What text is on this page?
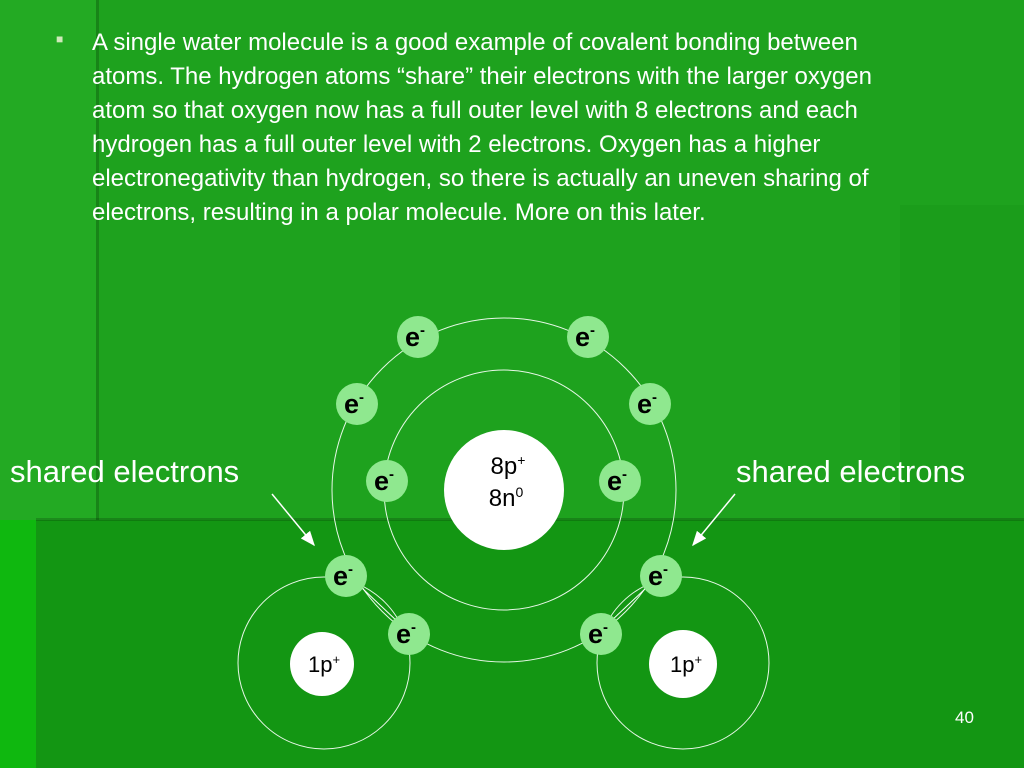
■ A single water molecule is a good example of covalent bonding between atoms. The hydrogen atoms “share” their electrons with the larger oxygen atom so that oxygen now has a full outer level with 8 electrons and each hydrogen has a full outer level with 2 electrons. Oxygen has a higher electronegativity than hydrogen, so there is actually an uneven sharing of electrons, resulting in a polar molecule. More on this later.
8p+
$8n^0$
1p+	1p+
e-	e-
e-	e-
e-	e-
e-	e-
e-	e-
shared electrons	shared electrons
40
